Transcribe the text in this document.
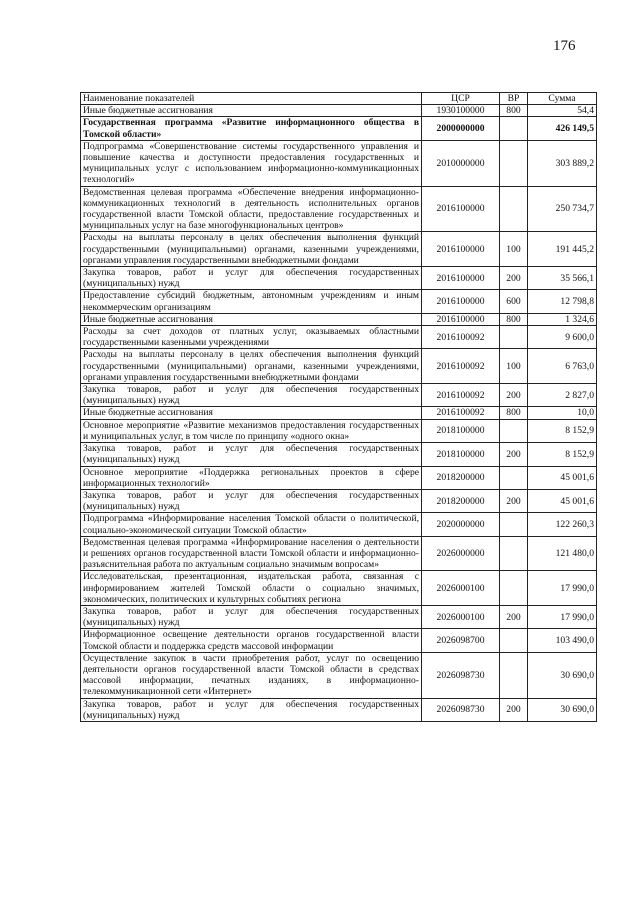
176
Наименование показателей	ЦСР	ВР	Сумма
Иные бюджетные ассигнования	1930100000	800	54,4
Государственная программа «Развитие информационного общества в Томской области»	2000000000		426 149,5
Подпрограмма «Совершенствование системы государственного управления и повышение качества и доступности предоставления государственных и муниципальных услуг с использованием информационно-коммуникационных технологий»	2010000000		303 889,2
Ведомственная целевая программа «Обеспечение внедрения информационно-коммуникационных технологий в деятельность исполнительных органов государственной власти Томской области, предоставление государственных и муниципальных услуг на базе многофункциональных центров»	2016100000		250 734,7
Расходы на выплаты персоналу в целях обеспечения выполнения функций государственными (муниципальными) органами, казенными учреждениями, органами управления государственными внебюджетными фондами	2016100000	100	191 445,2
Закупка товаров, работ и услуг для обеспечения государственных (муниципальных) нужд	2016100000	200	35 566,1
Предоставление субсидий бюджетным, автономным учреждениям и иным некоммерческим организациям	2016100000	600	12 798,8
Иные бюджетные ассигнования	2016100000	800	1 324,6
Расходы за счет доходов от платных услуг, оказываемых областными государственными казенными учреждениями	2016100092		9 600,0
Расходы на выплаты персоналу в целях обеспечения выполнения функций государственными (муниципальными) органами, казенными учреждениями, органами управления государственными внебюджетными фондами	2016100092	100	6 763,0
Закупка товаров, работ и услуг для обеспечения государственных (муниципальных) нужд	2016100092	200	2 827,0
Иные бюджетные ассигнования	2016100092	800	10,0
Основное мероприятие «Развитие механизмов предоставления государственных и муниципальных услуг, в том числе по принципу «одного окна»	2018100000		8 152,9
Закупка товаров, работ и услуг для обеспечения государственных (муниципальных) нужд	2018100000	200	8 152,9
Основное мероприятие «Поддержка региональных проектов в сфере информационных технологий»	2018200000		45 001,6
Закупка товаров, работ и услуг для обеспечения государственных (муниципальных) нужд	2018200000	200	45 001,6
Подпрограмма «Информирование населения Томской области о политической, социально-экономической ситуации Томской области»	2020000000		122 260,3
Ведомственная целевая программа «Информирование населения о деятельности и решениях органов государственной власти Томской области и информационно-разъяснительная работа по актуальным социально значимым вопросам»	2026000000		121 480,0
Исследовательская, презентационная, издательская работа, связанная с информированием жителей Томской области о социально значимых, экономических, политических и культурных событиях региона	2026000100		17 990,0
Закупка товаров, работ и услуг для обеспечения государственных (муниципальных) нужд	2026000100	200	17 990,0
Информационное освещение деятельности органов государственной власти Томской области и поддержка средств массовой информации	2026098700		103 490,0
Осуществление закупок в части приобретения работ, услуг по освещению деятельности органов государственной власти Томской области в средствах массовой информации, печатных изданиях, в информационно-телекоммуникационной сети «Интернет»	2026098730		30 690,0
Закупка товаров, работ и услуг для обеспечения государственных (муниципальных) нужд	2026098730	200	30 690,0
